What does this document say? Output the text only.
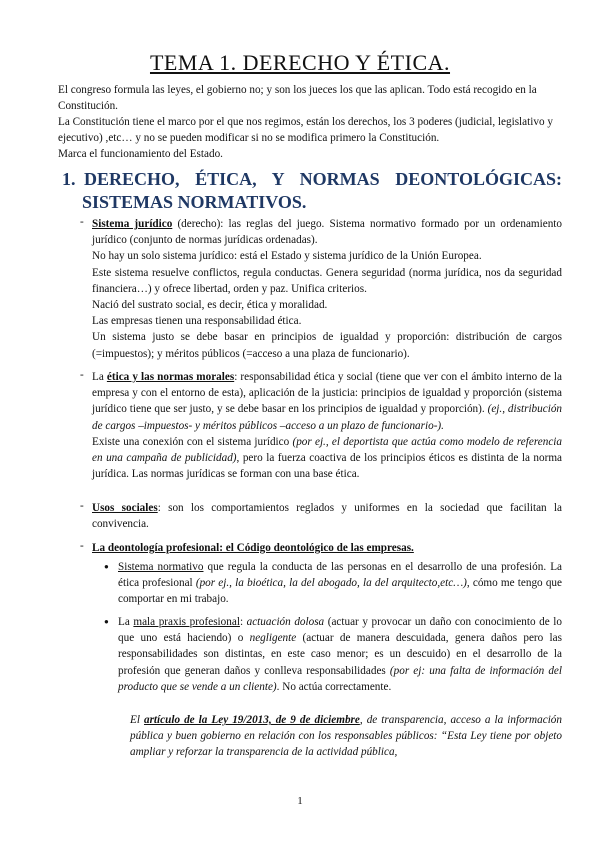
TEMA 1. DERECHO Y ÉTICA.

El congreso formula las leyes, el gobierno no; y son los jueces los que las aplican. Todo está recogido en la Constitución.

La Constitución tiene el marco por el que nos regimos, están los derechos, los 3 poderes (judicial, legislativo y ejecutivo) ,etc… y no se pueden modificar si no se modifica primero la Constitución.

Marca el funcionamiento del Estado.

1. DERECHO, ÉTICA, Y NORMAS DEONTOLÓGICAS:
SISTEMAS NORMATIVOS.
- Sistema jurídico (derecho): las reglas del juego. Sistema normativo formado por un ordenamiento jurídico (conjunto de normas jurídicas ordenadas).

No hay un solo sistema jurídico: está el Estado y sistema jurídico de la Unión Europea.

Este sistema resuelve conflictos, regula conductas. Genera seguridad (norma jurídica, nos da seguridad financiera…) y ofrece libertad, orden y paz. Unifica criterios.

Nació del sustrato social, es decir, ética y moralidad.

Las empresas tienen una responsabilidad ética.

Un sistema justo se debe basar en principios de igualdad y proporción: distribución de cargos (=impuestos); y méritos públicos (=acceso a una plaza de funcionario).

- La ética y las normas morales: responsabilidad ética y social (tiene que ver con el ámbito interno de la empresa y con el entorno de esta), aplicación de la justicia: principios de igualdad y proporción (sistema jurídico tiene que ser justo, y se debe basar en los principios de igualdad y proporción). (ej., distribución de cargos –impuestos- y méritos públicos –acceso a un plazo de funcionario-).

Existe una conexión con el sistema jurídico (por ej., el deportista que actúa como modelo de referencia en una campaña de publicidad), pero la fuerza coactiva de los principios éticos es distinta de la norma jurídica. Las normas jurídicas se forman con una base ética.

- Usos sociales: son los comportamientos reglados y uniformes en la sociedad que facilitan la convivencia.

- La deontología profesional: el Código deontológico de las empresas.

● Sistema normativo que regula la conducta de las personas en el desarrollo de una profesión. La ética profesional (por ej., la bioética, la del abogado, la del arquitecto,etc…), cómo me tengo que comportar en mi trabajo.

● La mala praxis profesional: actuación dolosa (actuar y provocar un daño con conocimiento de lo que uno está haciendo) o negligente (actuar de manera descuidada, genera daños pero las responsabilidades son distintas, en este caso menor; es un descuido) en el desarrollo de la profesión que generan daños y conlleva responsabilidades (por ej: una falta de información del producto que se vende a un cliente). No actúa correctamente.

El artículo de la Ley 19/2013, de 9 de diciembre, de transparencia, acceso a la información pública y buen gobierno en relación con los responsables públicos: “Esta Ley tiene por objeto ampliar y reforzar la transparencia de la actividad pública,

1
